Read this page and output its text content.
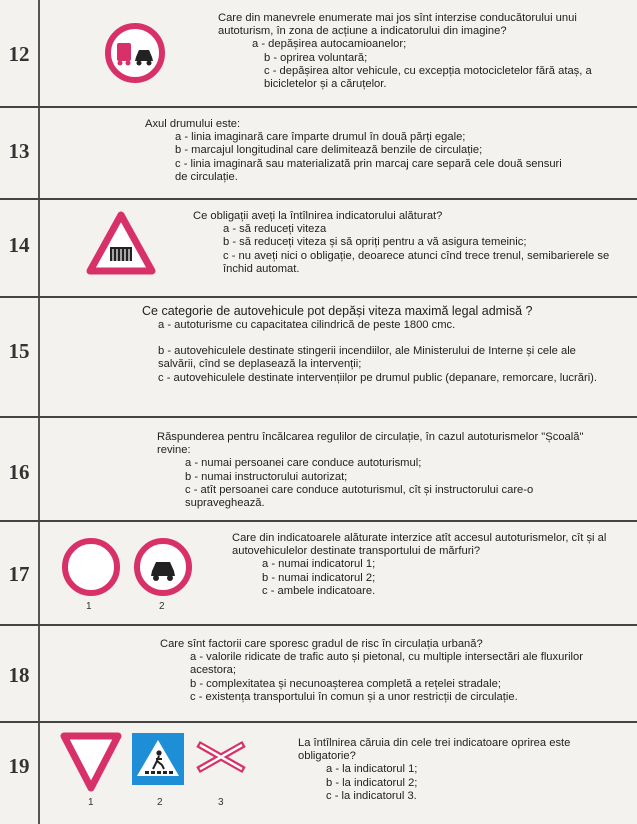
12
Care din manevrele enumerate mai jos sînt interzise conducătorului unui autoturism, în zona de acțiune a indicatorului din imagine?
a - depășirea autocamioanelor;
b - oprirea voluntară;
c - depășirea altor vehicule, cu excepția motocicletelor fără ataș, a bicicletelor și a căruțelor.
13
Axul drumului este:
a - linia imaginară care împarte drumul în două părți egale;
b - marcajul longitudinal care delimitează benzile de circulație;
c - linia imaginară sau materializată prin marcaj care separă cele două sensuri de circulație.
14
Ce obligații aveți la întîlnirea indicatorului alăturat?
a - să reduceți viteza
b - să reduceți viteza și să opriți pentru a vă asigura temeinic;
c - nu aveți nici o obligație, deoarece atunci cînd trece trenul, semibarierele se închid automat.
15
Ce categorie de autovehicule pot depăși viteza maximă legal admisă ?
a - autoturisme cu capacitatea cilindrică de peste 1800 cmc.
b - autovehiculele destinate stingerii incendiilor, ale Ministerului de Interne și cele ale salvării, cînd se deplasează la intervenții;
c - autovehiculele destinate intervențiilor pe drumul public (depanare, remorcare, lucrări).
16
Răspunderea pentru încălcarea regulilor de circulație, în cazul autoturismelor "Școală" revine:
a - numai persoanei care conduce autoturismul;
b - numai instructorului autorizat;
c - atît persoanei care conduce autoturismul, cît și instructorului care-o supraveghează.
17
1	2
Care din indicatoarele alăturate interzice atît accesul autoturismelor, cît și al autovehiculelor destinate transportului de mărfuri?
a - numai indicatorul 1;
b - numai indicatorul 2;
c - ambele indicatoare.
18
Care sînt factorii care sporesc gradul de risc în circulația urbană?
a - valorile ridicate de trafic auto și pietonal, cu multiple intersectări ale fluxurilor acestora;
b - complexitatea și necunoașterea completă a rețelei stradale;
c - existența transportului în comun și a unor restricții de circulație.
19
1	2	3
La întîlnirea căruia din cele trei indicatoare oprirea este obligatorie?
a - la indicatorul 1;
b - la indicatorul 2;
c - la indicatorul 3.
